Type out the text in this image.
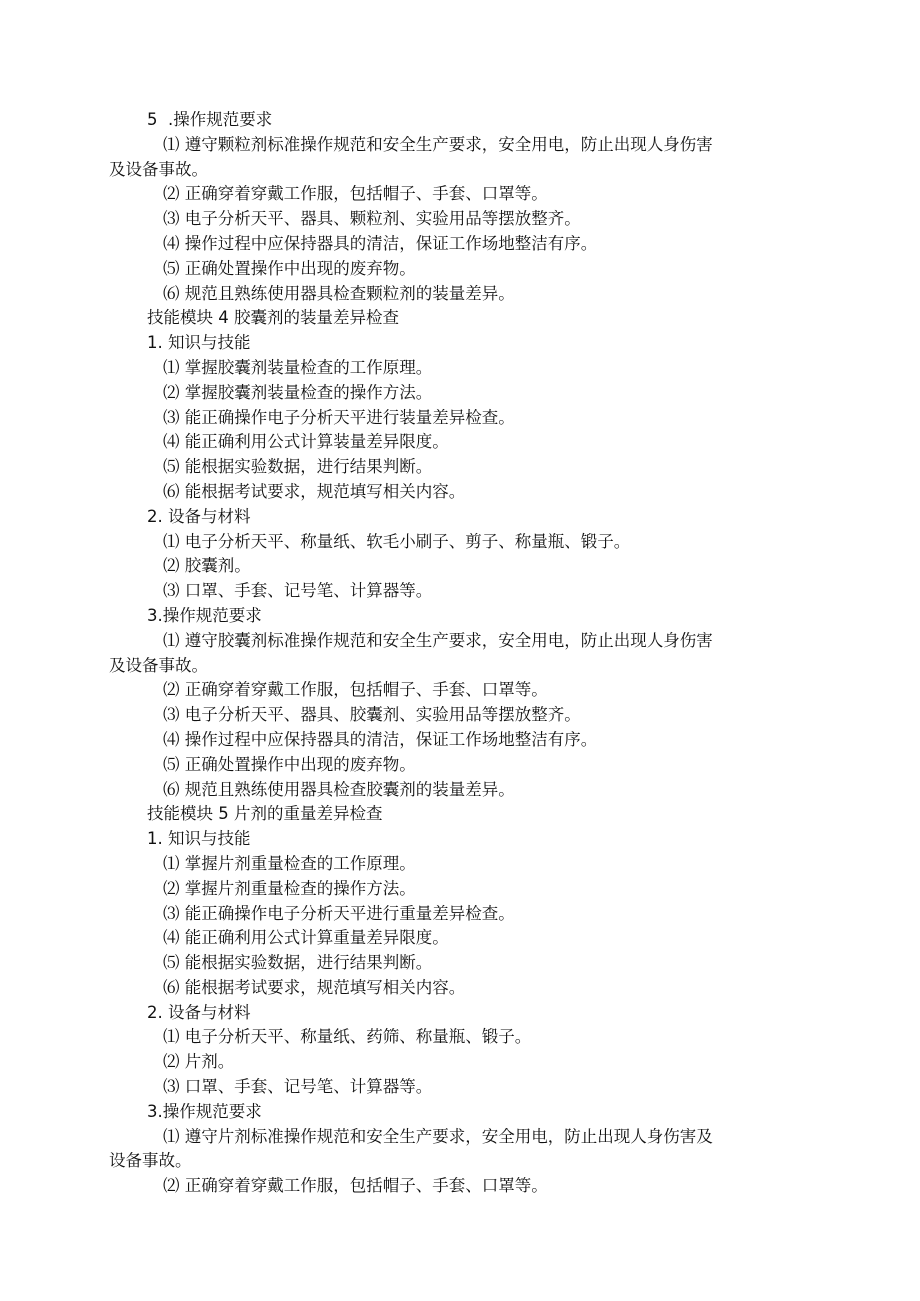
5  .操作规范要求
⑴ 遵守颗粒剂标准操作规范和安全生产要求，安全用电，防止出现人身伤害
及设备事故。
⑵ 正确穿着穿戴工作服，包括帽子、手套、口罩等。
⑶ 电子分析天平、器具、颗粒剂、实验用品等摆放整齐。
⑷ 操作过程中应保持器具的清洁，保证工作场地整洁有序。
⑸ 正确处置操作中出现的废弃物。
⑹ 规范且熟练使用器具检查颗粒剂的装量差异。
技能模块 4 胶囊剂的装量差异检查
1. 知识与技能
⑴ 掌握胶囊剂装量检查的工作原理。
⑵ 掌握胶囊剂装量检查的操作方法。
⑶ 能正确操作电子分析天平进行装量差异检查。
⑷ 能正确利用公式计算装量差异限度。
⑸ 能根据实验数据，进行结果判断。
⑹ 能根据考试要求，规范填写相关内容。
2. 设备与材料
⑴ 电子分析天平、称量纸、软毛小刷子、剪子、称量瓶、锻子。
⑵ 胶囊剂。
⑶ 口罩、手套、记号笔、计算器等。
3.操作规范要求
⑴ 遵守胶囊剂标准操作规范和安全生产要求，安全用电，防止出现人身伤害
及设备事故。
⑵ 正确穿着穿戴工作服，包括帽子、手套、口罩等。
⑶ 电子分析天平、器具、胶囊剂、实验用品等摆放整齐。
⑷ 操作过程中应保持器具的清洁，保证工作场地整洁有序。
⑸ 正确处置操作中出现的废弃物。
⑹ 规范且熟练使用器具检查胶囊剂的装量差异。
技能模块 5 片剂的重量差异检查
1. 知识与技能
⑴ 掌握片剂重量检查的工作原理。
⑵ 掌握片剂重量检查的操作方法。
⑶ 能正确操作电子分析天平进行重量差异检查。
⑷ 能正确利用公式计算重量差异限度。
⑸ 能根据实验数据，进行结果判断。
⑹ 能根据考试要求，规范填写相关内容。
2. 设备与材料
⑴ 电子分析天平、称量纸、药筛、称量瓶、锻子。
⑵ 片剂。
⑶ 口罩、手套、记号笔、计算器等。
3.操作规范要求
⑴ 遵守片剂标准操作规范和安全生产要求，安全用电，防止出现人身伤害及
设备事故。
⑵ 正确穿着穿戴工作服，包括帽子、手套、口罩等。
